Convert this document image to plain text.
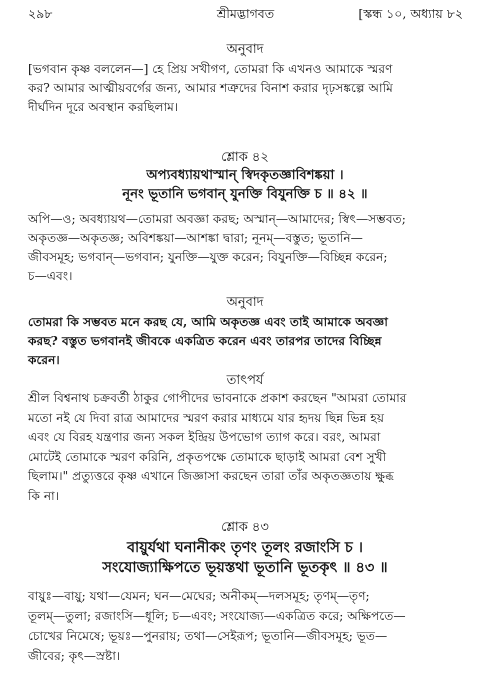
২৯৮	শ্রীমদ্ভাগবত	[স্কন্ধ ১০, অধ্যায় ৮২
অনুবাদ
[ভগবান কৃষ্ণ বললেন—] হে প্রিয় সখীগণ, তোমরা কি এখনও আমাকে স্মরণ
কর? আমার আত্মীয়বর্গের জন্য, আমার শত্রুদের বিনাশ করার দৃঢ়সঙ্কল্পে আমি
দীর্ঘদিন দূরে অবস্থান করছিলাম।
শ্লোক ৪২
অপ্যবধ্যায়থাস্মান্ স্বিদকৃতজ্ঞাবিশঙ্কয়া ।
নূনং ভূতানি ভগবান্ যুনক্তি বিযুনক্তি চ ॥ ৪২ ॥
অপি—ও; অবধ্যায়থ—তোমরা অবজ্ঞা করছ; অস্মান্—আমাদের; স্বিৎ—সম্ভবত;
অকৃতজ্ঞ—অকৃতজ্ঞ; অবিশঙ্কয়া—আশঙ্কা দ্বারা; নূনম্—বস্তুত; ভূতানি—
জীবসমূহ; ভগবান্—ভগবান; যুনক্তি—যুক্ত করেন; বিযুনক্তি—বিচ্ছিন্ন করেন;
চ—এবং।
অনুবাদ
তোমরা কি সম্ভবত মনে করছ যে, আমি অকৃতজ্ঞ এবং তাই আমাকে অবজ্ঞা
করছ? বস্তুত ভগবানই জীবকে একত্রিত করেন এবং তারপর তাদের বিচ্ছিন্ন
করেন।
তাৎপর্য
শ্রীল বিশ্বনাথ চক্রবর্তী ঠাকুর গোপীদের ভাবনাকে প্রকাশ করছেন "আমরা তোমার
মতো নই যে দিবা রাত্র আমাদের স্মরণ করার মাধ্যমে যার হৃদয় ছিন্ন ভিন্ন হয়
এবং যে বিরহ যন্ত্রণার জন্য সকল ইন্দ্রিয় উপভোগ ত্যাগ করে। বরং, আমরা
মোটেই তোমাকে স্মরণ করিনি, প্রকৃতপক্ষে তোমাকে ছাড়াই আমরা বেশ সুখী
ছিলাম।" প্রত্যুত্তরে কৃষ্ণ এখানে জিজ্ঞাসা করছেন তারা তাঁর অকৃতজ্ঞতায় ক্ষুব্ধ
কি না।
শ্লোক ৪৩
বায়ুর্যথা ঘনানীকং তৃণং তূলং রজাংসি চ ।
সংযোজ্যাক্ষিপতে ভূয়স্তথা ভূতানি ভূতকৃৎ ॥ ৪৩ ॥
বায়ুঃ—বায়ু; যথা—যেমন; ঘন—মেঘের; অনীকম্—দলসমূহ; তৃণম্—তৃণ;
তূলম্—তুলা; রজাংসি—ধূলি; চ—এবং; সংযোজ্য—একত্রিত করে; অক্ষিপতে—
চোখের নিমেষে; ভূয়ঃ—পুনরায়; তথা—সেইরূপ; ভূতানি—জীবসমূহ; ভূত—
জীবের; কৃৎ—স্রষ্টা।
